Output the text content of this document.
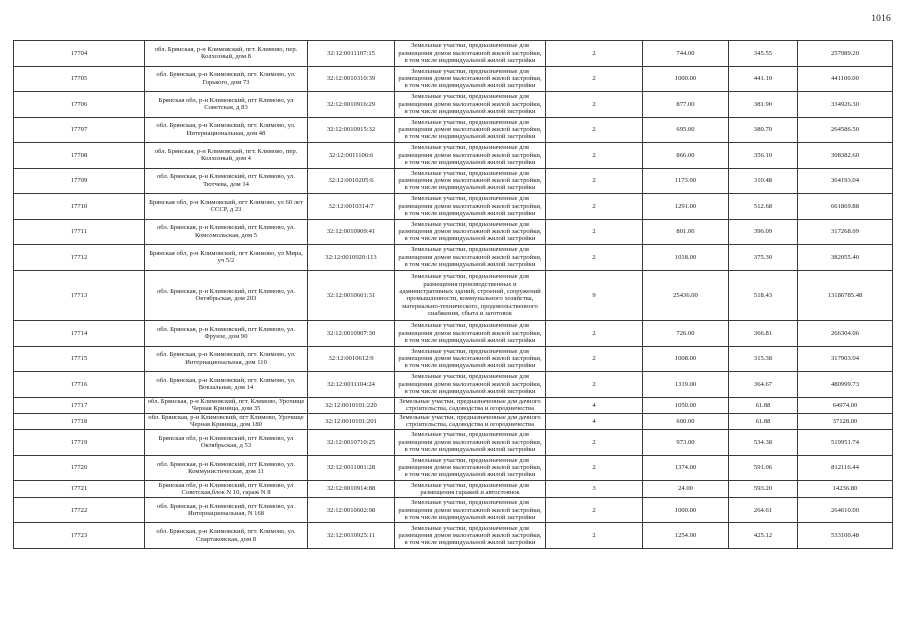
1016
17704	обл. Брянская, р-н Климовский, пгт. Климово, пер. Колхозный, дом 8	32:12:0011107:15	Земельные участки, предназначенные для размещения домов малоэтажной жилой застройки, в том числе индивидуальной жилой застройки	2	744.00	345.55	257089.20
17705	обл. Брянская, р-н Климовский, пгт. Климово, ул. Горького, дом 73	32:12:0010310:39	Земельные участки, предназначенные для размещения домов малоэтажной жилой застройки, в том числе индивидуальной жилой застройки	2	1000.00	441.10	441100.00
17706	Брянская обл, р-н Климовский, пгт Климово, ул Советская, д 83	32:12:0010916:29	Земельные участки, предназначенные для размещения домов малоэтажной жилой застройки, в том числе индивидуальной жилой застройки	2	877.00	381.90	334926.30
17707	обл. Брянская, р-н Климовский, пгт. Климово, ул. Интернациональная, дом 48	32:12:0010915:32	Земельные участки, предназначенные для размещения домов малоэтажной жилой застройки, в том числе индивидуальной жилой застройки	2	695.00	380.70	264586.50
17708	обл. Брянская, р-н Климовский, пгт. Климово, пер. Колхозный, дом 4	32:12:0011106:6	Земельные участки, предназначенные для размещения домов малоэтажной жилой застройки, в том числе индивидуальной жилой застройки	2	866.00	356.10	308382.60
17709	обл. Брянская, р-н Климовский, пгт Климово, ул. Тютчева, дом 14	32:12:0010205:6	Земельные участки, предназначенные для размещения домов малоэтажной жилой застройки, в том числе индивидуальной жилой застройки	2	1173.00	310.48	364193.04
17710	Брянская обл, р-н Климовский, пгт Климово, ул 60 лет СССР, д 23	32:12:0010314:7	Земельные участки, предназначенные для размещения домов малоэтажной жилой застройки, в том числе индивидуальной жилой застройки	2	1291.00	512.68	661869.88
17711	обл. Брянская, р-н Климовский, пгт Климово, ул. Комсомольская, дом 5	32:12:0010909:41	Земельные участки, предназначенные для размещения домов малоэтажной жилой застройки, в том числе индивидуальной жилой застройки	2	801.00	396.09	317268.09
17712	Брянская обл, р-н Климовский, пгт Климово, ул Мира, уч 5/2	32:12:0010920:113	Земельные участки, предназначенные для размещения домов малоэтажной жилой застройки, в том числе индивидуальной жилой застройки	2	1018.00	375.30	382055.40
17713	обл. Брянская, р-н Климовский, пгт Климово, ул. Октябрьская, дом 203	32:12:0010601:31	Земельные участки, предназначенные для размещения производственных и административных зданий, строений, сооружений промышленности, коммунального хозяйства, материально-технического, продовольственного снабжения, сбыта и заготовок	9	25436.00	518.43	13186785.48
17714	обл. Брянская, р-н Климовский, пгт Климово, ул. Фрунзе, дом 90	32:12:0010907:30	Земельные участки, предназначенные для размещения домов малоэтажной жилой застройки, в том числе индивидуальной жилой застройки	2	726.00	366.81	266304.06
17715	обл. Брянская, р-н Климовский, пгт. Климово, ул. Интернациональная, дом 110	32:12:0010612:9	Земельные участки, предназначенные для размещения домов малоэтажной жилой застройки, в том числе индивидуальной жилой застройки	2	1008.00	315.38	317903.04
17716	обл. Брянская, р-н Климовский, пгт. Климово, ул. Вокзальная, дом 14	32:12:0011104:24	Земельные участки, предназначенные для размещения домов малоэтажной жилой застройки, в том числе индивидуальной жилой застройки	2	1319.00	364.67	480999.73
17717	обл. Брянская, р-н Климовский, пгт. Климово, Урочище Черная Криница, дом 35	32:12:0010101:220	Земельные участки, предназначенные для дачного строительства, садоводства и огородничества	4	1050.00	61.88	64974.00
17718	обл. Брянская, р-н Климовский, пгт Климово, Урочище Черная Криница, дом 180	32:12:0010101:201	Земельные участки, предназначенные для дачного строительства, садоводства и огородничества	4	600.00	61.88	37128.00
17719	Брянская обл, р-н Климовский, пгт Климово, ул Октябрьская, д 53	32:12:0010710:25	Земельные участки, предназначенные для размещения домов малоэтажной жилой застройки, в том числе индивидуальной жилой застройки	2	973.00	534.38	519951.74
17720	обл. Брянская, р-н Климовский, пгт Климово, ул. Коммунистическая, дом 11	32:12:0011001:28	Земельные участки, предназначенные для размещения домов малоэтажной жилой застройки, в том числе индивидуальной жилой застройки	2	1374.00	591.06	812116.44
17721	Брянская обл, р-н Климовский, пгт Климово, ул Советская,блок N 10, гараж N 8	32:12:0010914:88	Земельные участки, предназначенные для размещения гаражей и автостоянок	3	24.00	593.20	14236.80
17722	обл. Брянская, р-н Климовский, пгт Климово, ул. Интернациональная, N 168	32:12:0010602:98	Земельные участки, предназначенные для размещения домов малоэтажной жилой застройки, в том числе индивидуальной жилой застройки	2	1000.00	264.61	264610.00
17723	обл. Брянская, р-н Климовский, пгт. Климово, ул. Спартаковская, дом 8	32:12:0010925:11	Земельные участки, предназначенные для размещения домов малоэтажной жилой застройки, в том числе индивидуальной жилой застройки	2	1254.00	425.12	533100.48
